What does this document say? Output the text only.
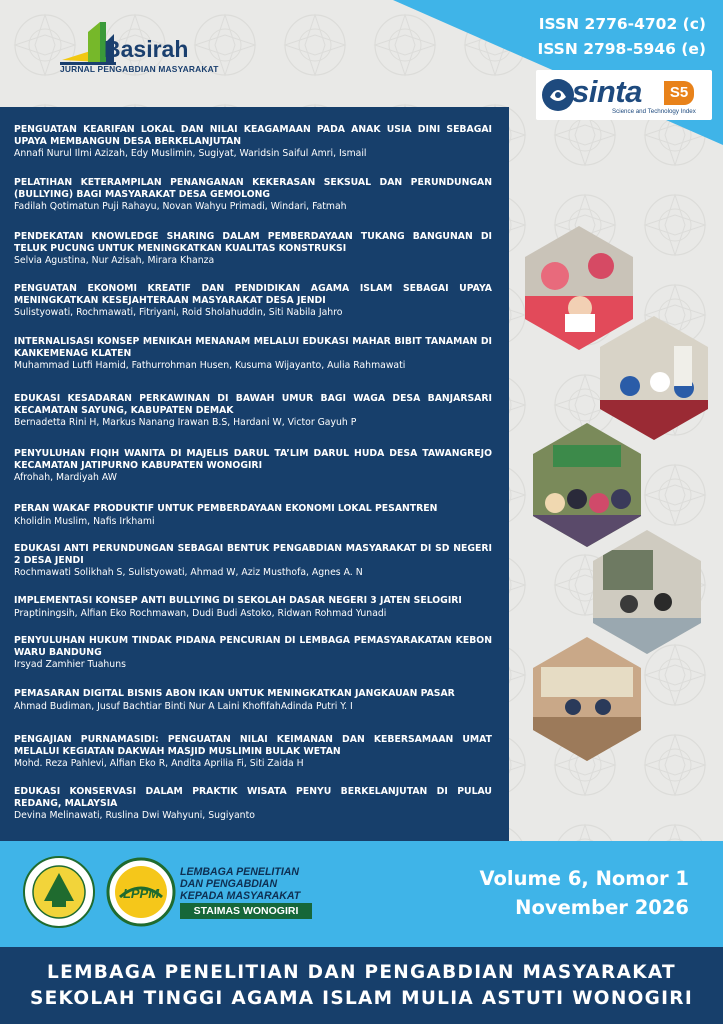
Basirah
JURNAL PENGABDIAN MASYARAKAT
ISSN 2776-4702 (c)
ISSN 2798-5946 (e)
sinta	S5
Science and Technology Index
PENGUATAN KEARIFAN LOKAL DAN NILAI KEAGAMAAN PADA ANAK USIA DINI SEBAGAI UPAYA MEMBANGUN DESA BERKELANJUTAN
Annafi Nurul Ilmi Azizah, Edy Muslimin, Sugiyat, Waridsin Saiful Amri, Ismail
PELATIHAN KETERAMPILAN PENANGANAN KEKERASAN SEKSUAL DAN PERUNDUNGAN (BULLYING) BAGI MASYARAKAT DESA GEMOLONG
Fadilah Qotimatun Puji Rahayu, Novan Wahyu Primadi, Windari, Fatmah
PENDEKATAN KNOWLEDGE SHARING DALAM PEMBERDAYAAN TUKANG BANGUNAN DI TELUK PUCUNG UNTUK MENINGKATKAN KUALITAS KONSTRUKSI
Selvia Agustina, Nur Azisah, Mirara Khanza
PENGUATAN EKONOMI KREATIF DAN PENDIDIKAN AGAMA ISLAM SEBAGAI UPAYA MENINGKATKAN KESEJAHTERAAN MASYARAKAT DESA JENDI
Sulistyowati, Rochmawati, Fitriyani, Roid Sholahuddin, Siti Nabila Jahro
INTERNALISASI KONSEP MENIKAH MENANAM MELALUI EDUKASI MAHAR BIBIT TANAMAN DI KANKEMENAG KLATEN
Muhammad Lutfi Hamid, Fathurrohman Husen, Kusuma Wijayanto, Aulia Rahmawati
EDUKASI KESADARAN PERKAWINAN DI BAWAH UMUR BAGI WAGA DESA BANJARSARI KECAMATAN SAYUNG, KABUPATEN DEMAK
Bernadetta Rini H, Markus Nanang Irawan B.S, Hardani W, Victor Gayuh P
PENYULUHAN FIQIH WANITA DI MAJELIS DARUL TA’LIM DARUL HUDA DESA TAWANGREJO KECAMATAN JATIPURNO KABUPATEN WONOGIRI
Afrohah, Mardiyah AW
PERAN WAKAF PRODUKTIF UNTUK PEMBERDAYAAN EKONOMI LOKAL PESANTREN
Kholidin Muslim, Nafis Irkhami
EDUKASI ANTI PERUNDUNGAN SEBAGAI BENTUK PENGABDIAN MASYARAKAT DI SD NEGERI 2 DESA JENDI
Rochmawati Solikhah S, Sulistyowati, Ahmad W, Aziz Musthofa, Agnes A. N
IMPLEMENTASI KONSEP ANTI BULLYING DI SEKOLAH DASAR NEGERI 3 JATEN SELOGIRI
Praptiningsih, Alfian Eko Rochmawan, Dudi Budi Astoko, Ridwan Rohmad Yunadi
PENYULUHAN HUKUM TINDAK PIDANA PENCURIAN DI LEMBAGA PEMASYARAKATAN KEBON WARU BANDUNG
Irsyad Zamhier Tuahuns
PEMASARAN DIGITAL BISNIS ABON IKAN UNTUK MENINGKATKAN JANGKAUAN PASAR
Ahmad Budiman, Jusuf Bachtiar Binti Nur A Laini KhofifahAdinda Putri Y. I
PENGAJIAN PURNAMASIDI: PENGUATAN NILAI KEIMANAN DAN KEBERSAMAAN UMAT MELALUI KEGIATAN DAKWAH MASJID MUSLIMIN BULAK WETAN
Mohd. Reza Pahlevi, Alfian Eko R, Andita Aprilia Fi, Siti Zaida H
EDUKASI KONSERVASI DALAM PRAKTIK WISATA PENYU BERKELANJUTAN DI PULAU REDANG, MALAYSIA
Devina Melinawati, Ruslina Dwi Wahyuni, Sugiyanto
LPPM
LEMBAGA PENELITIAN
DAN PENGABDIAN
KEPADA MASYARAKAT
STAIMAS WONOGIRI
Volume 6, Nomor 1
November 2026
LEMBAGA PENELITIAN DAN PENGABDIAN MASYARAKAT
SEKOLAH TINGGI AGAMA ISLAM MULIA ASTUTI WONOGIRI
